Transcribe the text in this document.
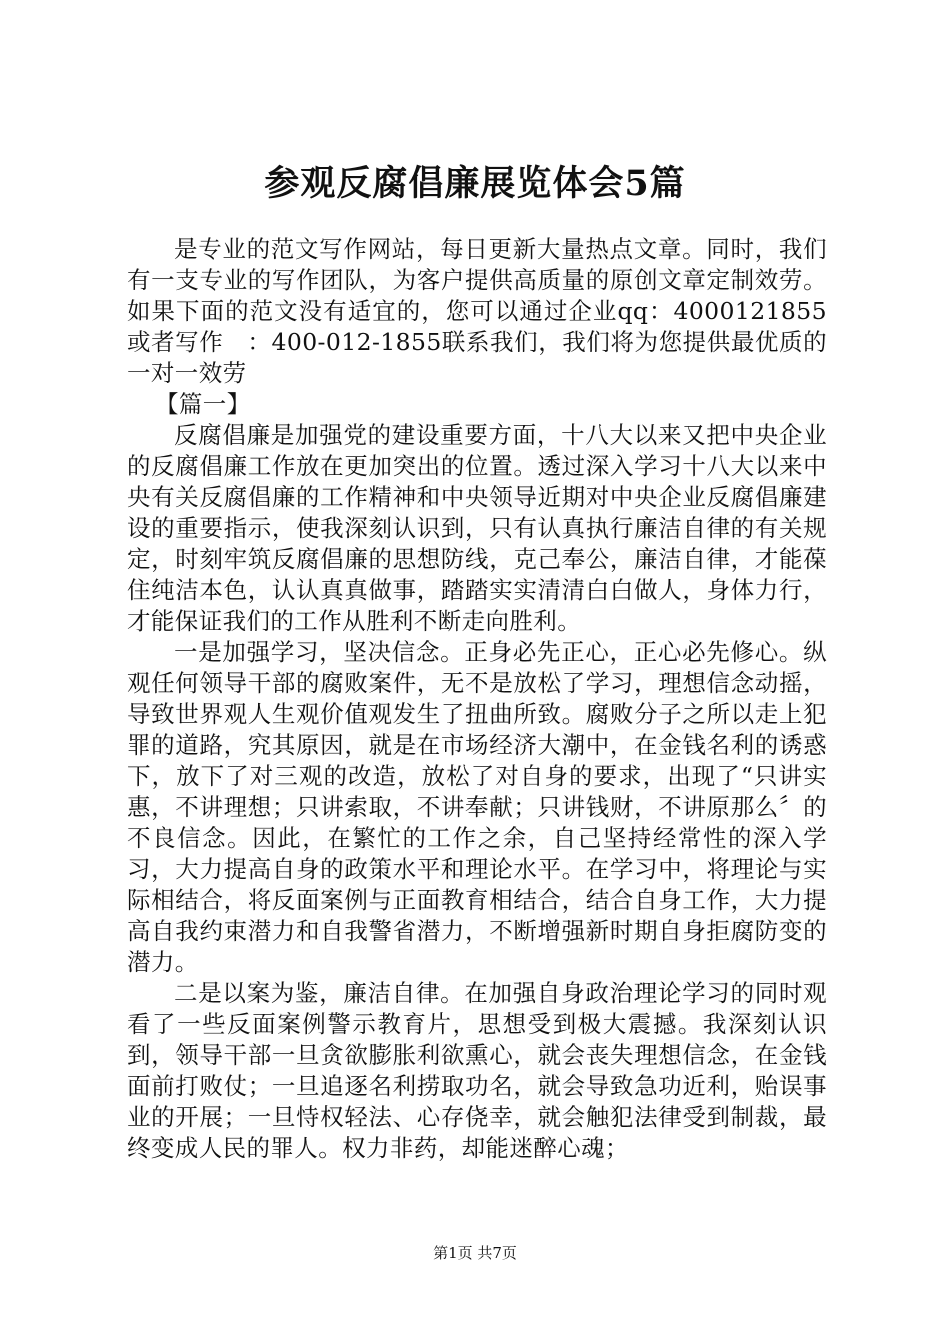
参观反腐倡廉展览体会5篇

是专业的范文写作网站，每日更新大量热点文章。同时，我们有一支专业的写作团队，为客户提供高质量的原创文章定制效劳。如果下面的范文没有适宜的，您可以通过企业qq：4000121855或者写作　：400-012-1855联系我们，我们将为您提供最优质的一对一效劳

【篇一】

反腐倡廉是加强党的建设重要方面，十八大以来又把中央企业的反腐倡廉工作放在更加突出的位置。透过深入学习十八大以来中央有关反腐倡廉的工作精神和中央领导近期对中央企业反腐倡廉建设的重要指示，使我深刻认识到，只有认真执行廉洁自律的有关规定，时刻牢筑反腐倡廉的思想防线，克己奉公，廉洁自律，才能葆住纯洁本色，认认真真做事，踏踏实实清清白白做人，身体力行，才能保证我们的工作从胜利不断走向胜利。

一是加强学习，坚决信念。正身必先正心，正心必先修心。纵观任何领导干部的腐败案件，无不是放松了学习，理想信念动摇，导致世界观人生观价值观发生了扭曲所致。腐败分子之所以走上犯罪的道路，究其原因，就是在市场经济大潮中，在金钱名利的诱惑下，放下了对三观的改造，放松了对自身的要求，出现了“只讲实惠，不讲理想；只讲索取，不讲奉献；只讲钱财，不讲原那么〞的不良信念。因此，在繁忙的工作之余，自己坚持经常性的深入学习，大力提高自身的政策水平和理论水平。在学习中，将理论与实际相结合，将反面案例与正面教育相结合，结合自身工作，大力提高自我约束潜力和自我警省潜力，不断增强新时期自身拒腐防变的潜力。

二是以案为鉴，廉洁自律。在加强自身政治理论学习的同时观看了一些反面案例警示教育片，思想受到极大震撼。我深刻认识到，领导干部一旦贪欲膨胀利欲熏心，就会丧失理想信念，在金钱面前打败仗；一旦追逐名利捞取功名，就会导致急功近利，贻误事业的开展；一旦恃权轻法、心存侥幸，就会触犯法律受到制裁，最终变成人民的罪人。权力非药，却能迷醉心魂；

第1页 共7页
